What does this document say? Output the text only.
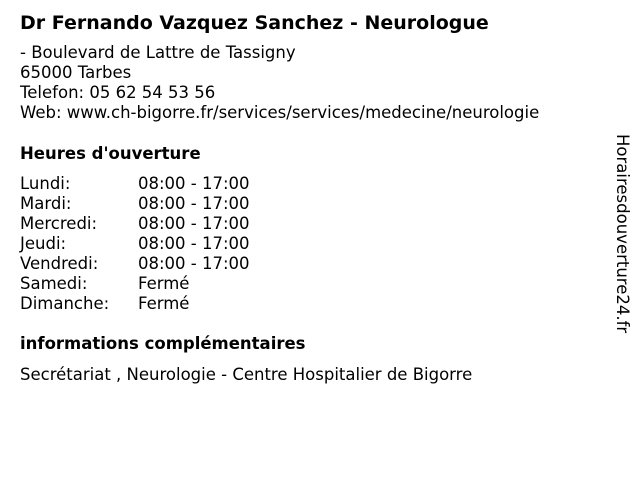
Dr Fernando Vazquez Sanchez - Neurologue
- Boulevard de Lattre de Tassigny
65000 Tarbes
Telefon: 05 62 54 53 56
Web: www.ch-bigorre.fr/services/services/medecine/neurologie
Heures d'ouverture
Lundi:	08:00 - 17:00
Mardi:	08:00 - 17:00
Mercredi: 08:00 - 17:00
Jeudi:	08:00 - 17:00
Vendredi: 08:00 - 17:00
Samedi:	Fermé
Dimanche: Fermé
informations complémentaires
Secrétariat , Neurologie - Centre Hospitalier de Bigorre
Horairesdouverture24.fr
